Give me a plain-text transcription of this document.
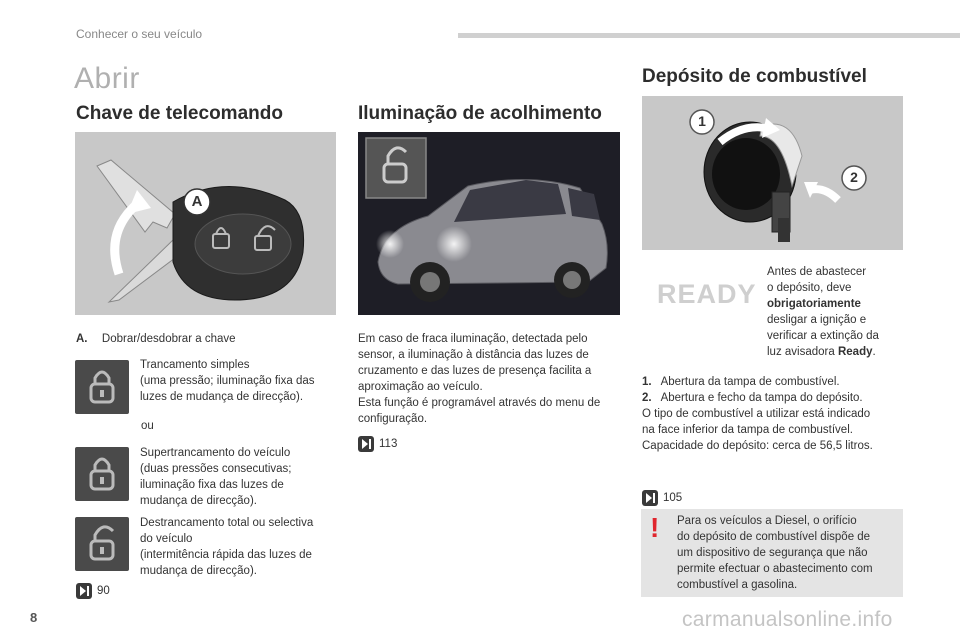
Conhecer o seu veículo
Abrir
Chave de telecomando
A
A. Dobrar/desdobrar a chave
Trancamento simples
(uma pressão; iluminação fixa das
luzes de mudança de direcção).
ou
Supertrancamento do veículo
(duas pressões consecutivas;
iluminação fixa das luzes de
mudança de direcção).
Destrancamento total ou selectiva
do veículo
(intermitência rápida das luzes de
mudança de direcção).
90
Iluminação de acolhimento
Em caso de fraca iluminação, detectada pelo
sensor, a iluminação à distância das luzes de
cruzamento e das luzes de presença facilita a
aproximação ao veículo.
Esta função é programável através do menu de
configuração.
113
Depósito de combustível
1
2
READY
Antes de abastecer
o depósito, deve
obrigatoriamente
desligar a ignição e
verificar a extinção da
luz avisadora Ready.
1. Abertura da tampa de combustível.
2. Abertura e fecho da tampa do depósito.
O tipo de combustível a utilizar está indicado
na face inferior da tampa de combustível.
Capacidade do depósito: cerca de 56,5 litros.
105
! Para os veículos a Diesel, o orifício
do depósito de combustível dispõe de
um dispositivo de segurança que não
permite efectuar o abastecimento com
combustível a gasolina.
8	carmanualsonline.info
